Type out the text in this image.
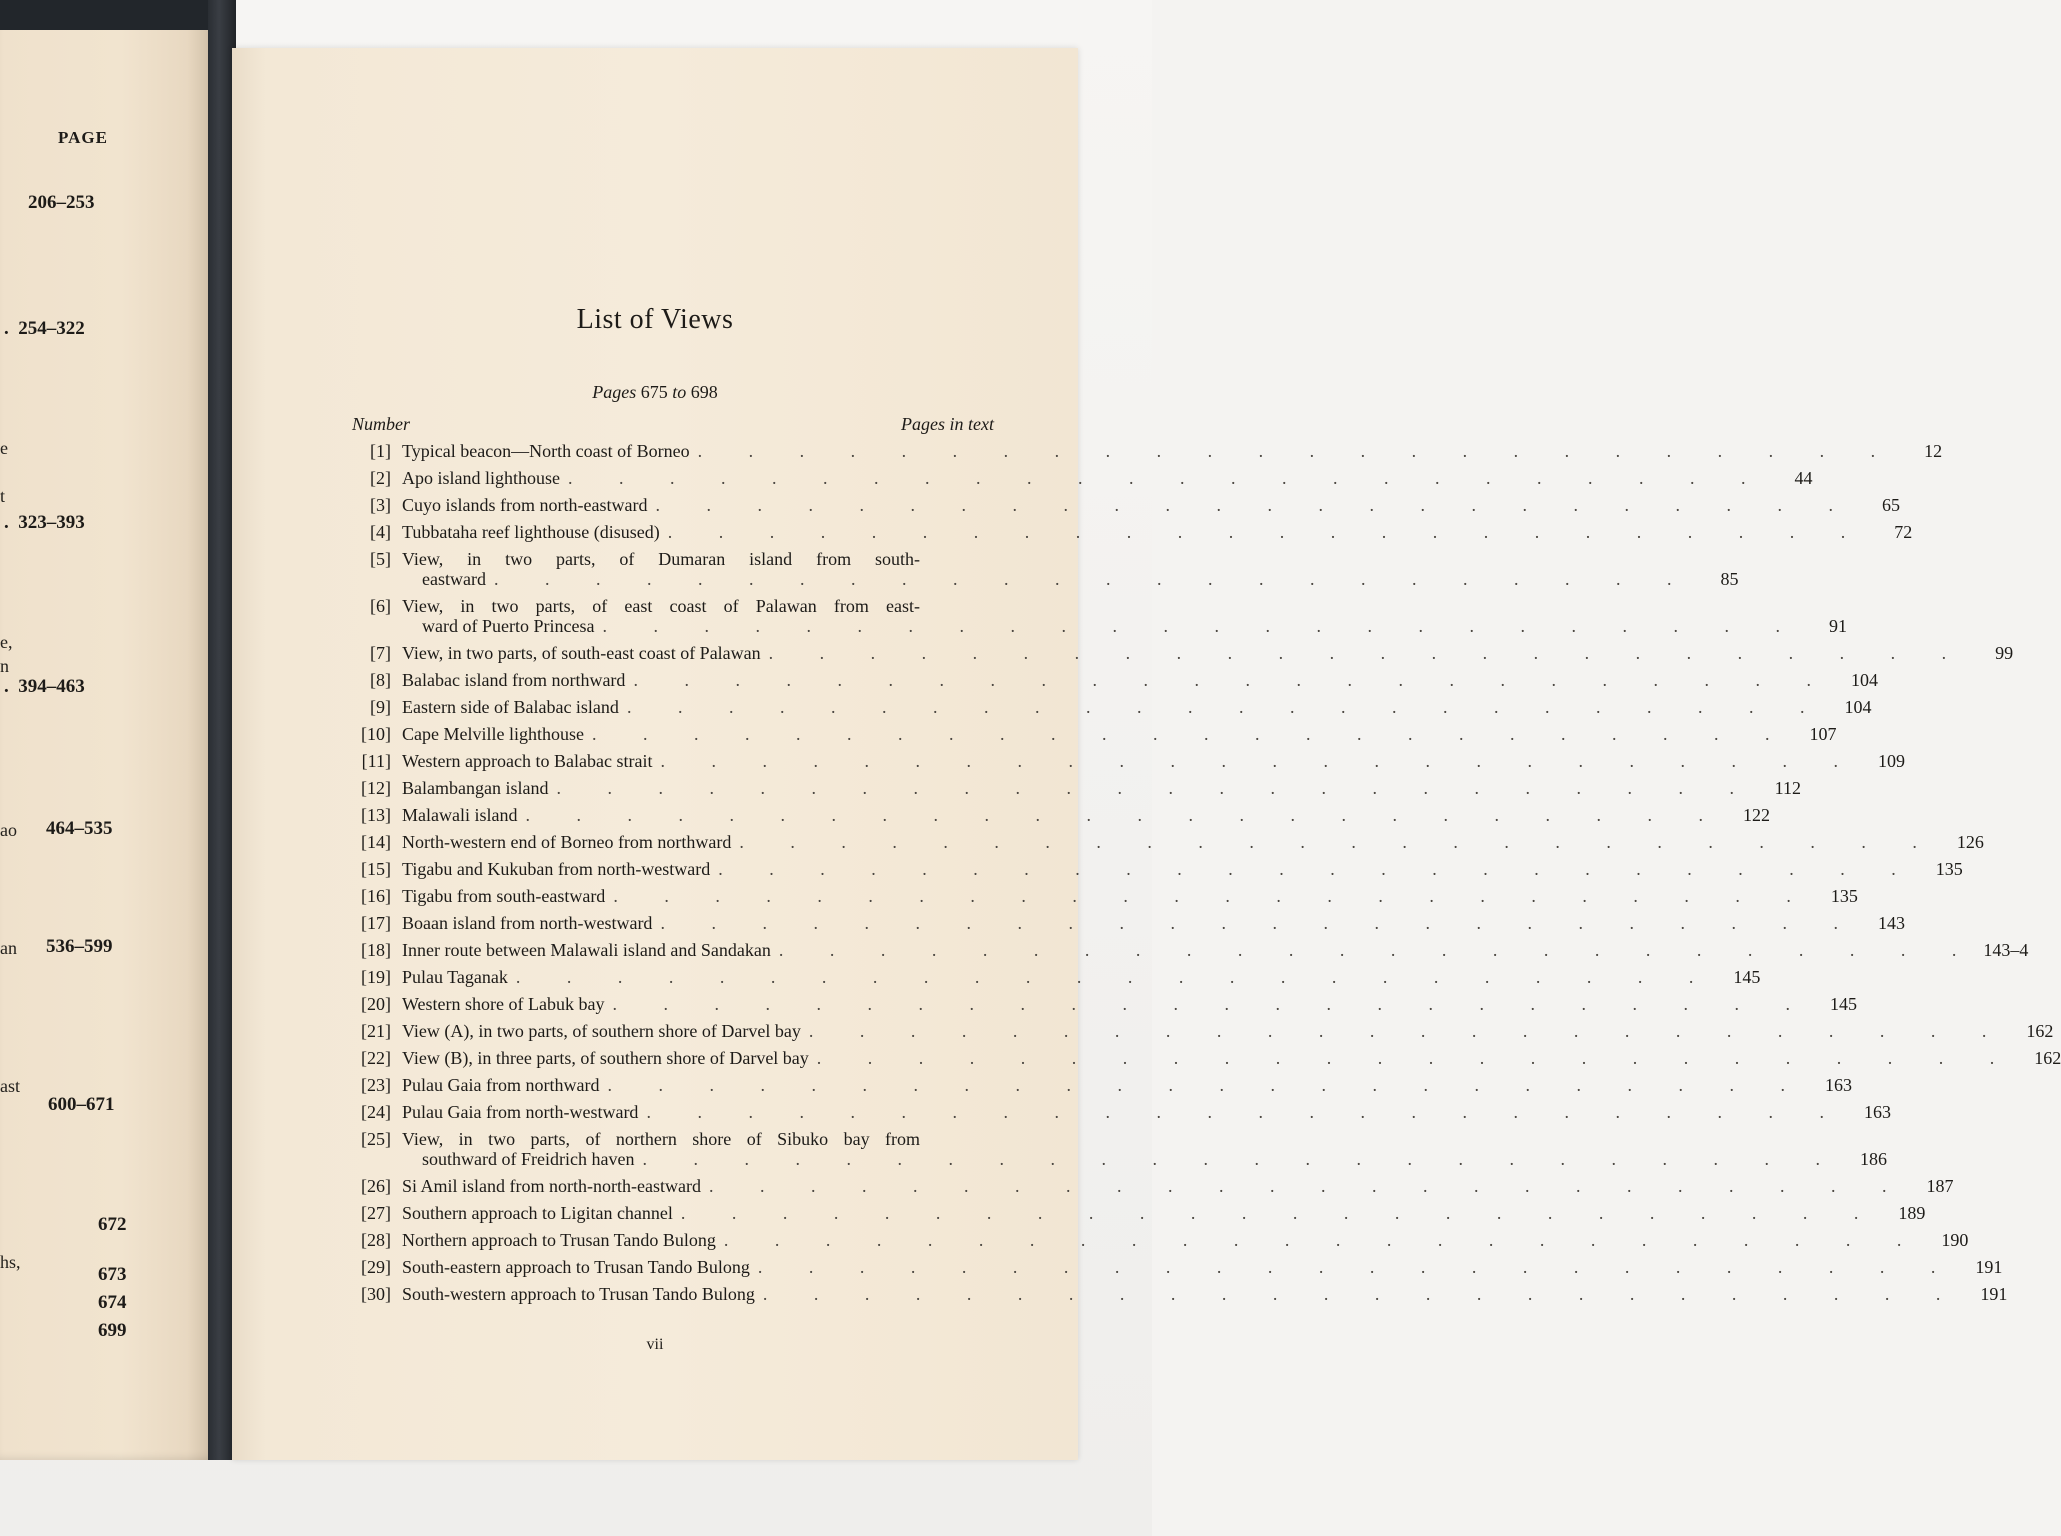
PAGE
206–253
.  254–322
.  323–393
.  394–463
464–535
536–599
600–671
672
673
674
699
e
t
e,
n
ao
an
ast
hs,
List of Views
Pages 675 to 698
Number	Pages in text
[1] Typical beacon—North coast of Borneo . . . . . . . . . . . . . . . . . . . . . . . .	12
[2] Apo island lighthouse . . . . . . . . . . . . . . . . . . . . . . . .	44
[3] Cuyo islands from north-eastward . . . . . . . . . . . . . . . . . . . . . . . .	65
[4] Tubbataha reef lighthouse (disused) . . . . . . . . . . . . . . . . . . . . . . . .	72
[5] View, in two parts, of Dumaran island from south-
eastward . . . . . . . . . . . . . . . . . . . . . . . .	85
[6] View, in two parts, of east coast of Palawan from east-
ward of Puerto Princesa . . . . . . . . . . . . . . . . . . . . . . . .	91
[7] View, in two parts, of south-east coast of Palawan . . . . . . . . . . . . . . . . . . . . . . . .	99
[8] Balabac island from northward . . . . . . . . . . . . . . . . . . . . . . . .	104
[9] Eastern side of Balabac island . . . . . . . . . . . . . . . . . . . . . . . .	104
[10] Cape Melville lighthouse . . . . . . . . . . . . . . . . . . . . . . . .	107
[11] Western approach to Balabac strait . . . . . . . . . . . . . . . . . . . . . . . .	109
[12] Balambangan island . . . . . . . . . . . . . . . . . . . . . . . .	112
[13] Malawali island . . . . . . . . . . . . . . . . . . . . . . . .	122
[14] North-western end of Borneo from northward . . . . . . . . . . . . . . . . . . . . . . . .	126
[15] Tigabu and Kukuban from north-westward . . . . . . . . . . . . . . . . . . . . . . . .	135
[16] Tigabu from south-eastward . . . . . . . . . . . . . . . . . . . . . . . .	135
[17] Boaan island from north-westward . . . . . . . . . . . . . . . . . . . . . . . .	143
[18] Inner route between Malawali island and Sandakan . . . . . . . . . . . . . . . . . . . . . . . . 143–4
[19] Pulau Taganak . . . . . . . . . . . . . . . . . . . . . . . .	145
[20] Western shore of Labuk bay . . . . . . . . . . . . . . . . . . . . . . . .	145
[21] View (A), in two parts, of southern shore of Darvel bay . . . . . . . . . . . . . . . . . . . . . . . .	162
[22] View (B), in three parts, of southern shore of Darvel bay . . . . . . . . . . . . . . . . . . . . . . . .	162
[23] Pulau Gaia from northward . . . . . . . . . . . . . . . . . . . . . . . .	163
[24] Pulau Gaia from north-westward . . . . . . . . . . . . . . . . . . . . . . . .	163
[25] View, in two parts, of northern shore of Sibuko bay from
southward of Freidrich haven . . . . . . . . . . . . . . . . . . . . . . . .	186
[26] Si Amil island from north-north-eastward . . . . . . . . . . . . . . . . . . . . . . . .	187
[27] Southern approach to Ligitan channel . . . . . . . . . . . . . . . . . . . . . . . .	189
[28] Northern approach to Trusan Tando Bulong . . . . . . . . . . . . . . . . . . . . . . . .	190
[29] South-eastern approach to Trusan Tando Bulong . . . . . . . . . . . . . . . . . . . . . . . .	191
[30] South-western approach to Trusan Tando Bulong . . . . . . . . . . . . . . . . . . . . . . . .	191
vii
